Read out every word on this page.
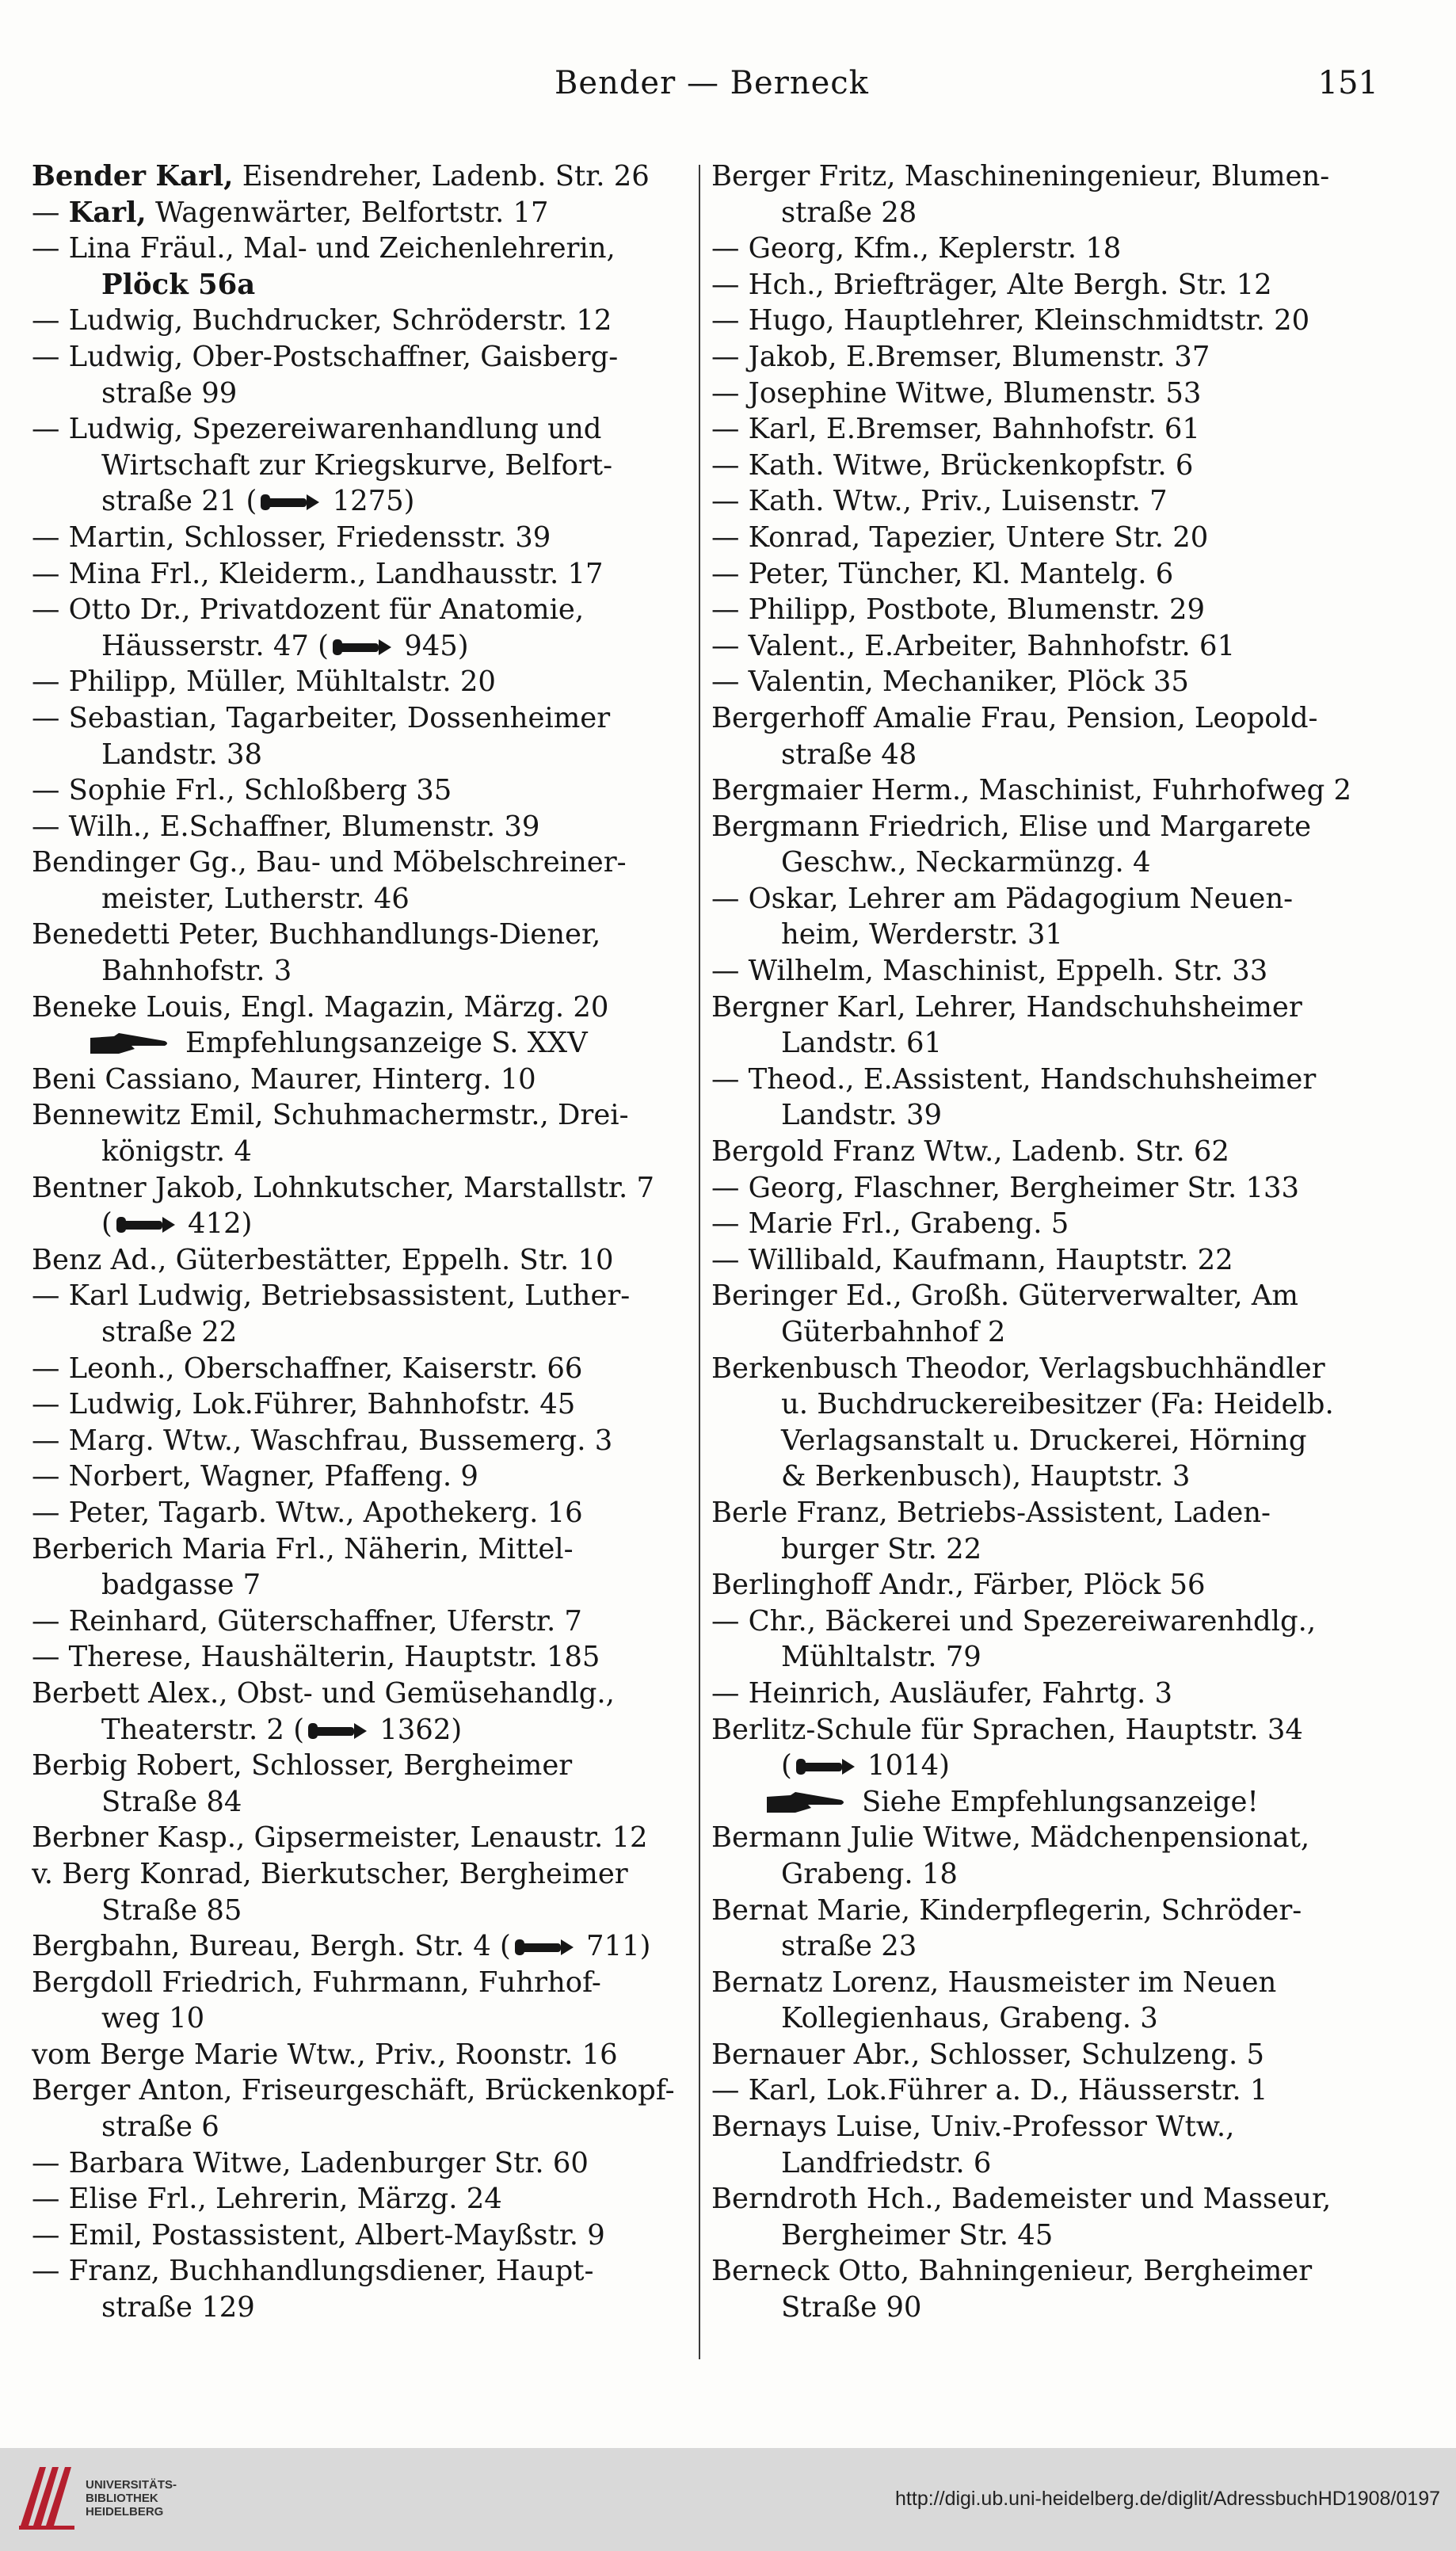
Bender — Berneck	151
Bender Karl, Eisendreher, Ladenb. Str. 26
— Karl, Wagenwärter, Belfortstr. 17
— Lina Fräul., Mal- und Zeichenlehrerin,
Plöck 56a
— Ludwig, Buchdrucker, Schröderstr. 12
— Ludwig, Ober-Postschaffner, Gaisberg-
straße 99
— Ludwig, Spezereiwarenhandlung und
Wirtschaft zur Kriegskurve, Belfort-
straße 21 ( 1275)
— Martin, Schlosser, Friedensstr. 39
— Mina Frl., Kleiderm., Landhausstr. 17
— Otto Dr., Privatdozent für Anatomie,
Häusserstr. 47 ( 945)
— Philipp, Müller, Mühltalstr. 20
— Sebastian, Tagarbeiter, Dossenheimer
Landstr. 38
— Sophie Frl., Schloßberg 35
— Wilh., E.Schaffner, Blumenstr. 39
Bendinger Gg., Bau- und Möbelschreiner-
meister, Lutherstr. 46
Benedetti Peter, Buchhandlungs-Diener,
Bahnhofstr. 3
Beneke Louis, Engl. Magazin, Märzg. 20
Empfehlungsanzeige S. XXV
Beni Cassiano, Maurer, Hinterg. 10
Bennewitz Emil, Schuhmachermstr., Drei-
königstr. 4
Bentner Jakob, Lohnkutscher, Marstallstr. 7
( 412)
Benz Ad., Güterbestätter, Eppelh. Str. 10
— Karl Ludwig, Betriebsassistent, Luther-
straße 22
— Leonh., Oberschaffner, Kaiserstr. 66
— Ludwig, Lok.Führer, Bahnhofstr. 45
— Marg. Wtw., Waschfrau, Bussemerg. 3
— Norbert, Wagner, Pfaffeng. 9
— Peter, Tagarb. Wtw., Apothekerg. 16
Berberich Maria Frl., Näherin, Mittel-
badgasse 7
— Reinhard, Güterschaffner, Uferstr. 7
— Therese, Haushälterin, Hauptstr. 185
Berbett Alex., Obst- und Gemüsehandlg.,
Theaterstr. 2 ( 1362)
Berbig Robert, Schlosser, Bergheimer
Straße 84
Berbner Kasp., Gipsermeister, Lenaustr. 12
v. Berg Konrad, Bierkutscher, Bergheimer
Straße 85
Bergbahn, Bureau, Bergh. Str. 4 ( 711)
Bergdoll Friedrich, Fuhrmann, Fuhrhof-
weg 10
vom Berge Marie Wtw., Priv., Roonstr. 16
Berger Anton, Friseurgeschäft, Brückenkopf-
straße 6
— Barbara Witwe, Ladenburger Str. 60
— Elise Frl., Lehrerin, Märzg. 24
— Emil, Postassistent, Albert-Mayßstr. 9
— Franz, Buchhandlungsdiener, Haupt-
straße 129
Berger Fritz, Maschineningenieur, Blumen-
straße 28
— Georg, Kfm., Keplerstr. 18
— Hch., Briefträger, Alte Bergh. Str. 12
— Hugo, Hauptlehrer, Kleinschmidtstr. 20
— Jakob, E.Bremser, Blumenstr. 37
— Josephine Witwe, Blumenstr. 53
— Karl, E.Bremser, Bahnhofstr. 61
— Kath. Witwe, Brückenkopfstr. 6
— Kath. Wtw., Priv., Luisenstr. 7
— Konrad, Tapezier, Untere Str. 20
— Peter, Tüncher, Kl. Mantelg. 6
— Philipp, Postbote, Blumenstr. 29
— Valent., E.Arbeiter, Bahnhofstr. 61
— Valentin, Mechaniker, Plöck 35
Bergerhoff Amalie Frau, Pension, Leopold-
straße 48
Bergmaier Herm., Maschinist, Fuhrhofweg 2
Bergmann Friedrich, Elise und Margarete
Geschw., Neckarmünzg. 4
— Oskar, Lehrer am Pädagogium Neuen-
heim, Werderstr. 31
— Wilhelm, Maschinist, Eppelh. Str. 33
Bergner Karl, Lehrer, Handschuhsheimer
Landstr. 61
— Theod., E.Assistent, Handschuhsheimer
Landstr. 39
Bergold Franz Wtw., Ladenb. Str. 62
— Georg, Flaschner, Bergheimer Str. 133
— Marie Frl., Grabeng. 5
— Willibald, Kaufmann, Hauptstr. 22
Beringer Ed., Großh. Güterverwalter, Am
Güterbahnhof 2
Berkenbusch Theodor, Verlagsbuchhändler
u. Buchdruckereibesitzer (Fa: Heidelb.
Verlagsanstalt u. Druckerei, Hörning
& Berkenbusch), Hauptstr. 3
Berle Franz, Betriebs-Assistent, Laden-
burger Str. 22
Berlinghoff Andr., Färber, Plöck 56
— Chr., Bäckerei und Spezereiwarenhdlg.,
Mühltalstr. 79
— Heinrich, Ausläufer, Fahrtg. 3
Berlitz-Schule für Sprachen, Hauptstr. 34
( 1014)
Siehe Empfehlungsanzeige!
Bermann Julie Witwe, Mädchenpensionat,
Grabeng. 18
Bernat Marie, Kinderpflegerin, Schröder-
straße 23
Bernatz Lorenz, Hausmeister im Neuen
Kollegienhaus, Grabeng. 3
Bernauer Abr., Schlosser, Schulzeng. 5
— Karl, Lok.Führer a. D., Häusserstr. 1
Bernays Luise, Univ.-Professor Wtw.,
Landfriedstr. 6
Berndroth Hch., Bademeister und Masseur,
Bergheimer Str. 45
Berneck Otto, Bahningenieur, Bergheimer
Straße 90
UNIVERSITÄTS-
BIBLIOTHEK
HEIDELBERG
http://digi.ub.uni-heidelberg.de/diglit/AdressbuchHD1908/0197
